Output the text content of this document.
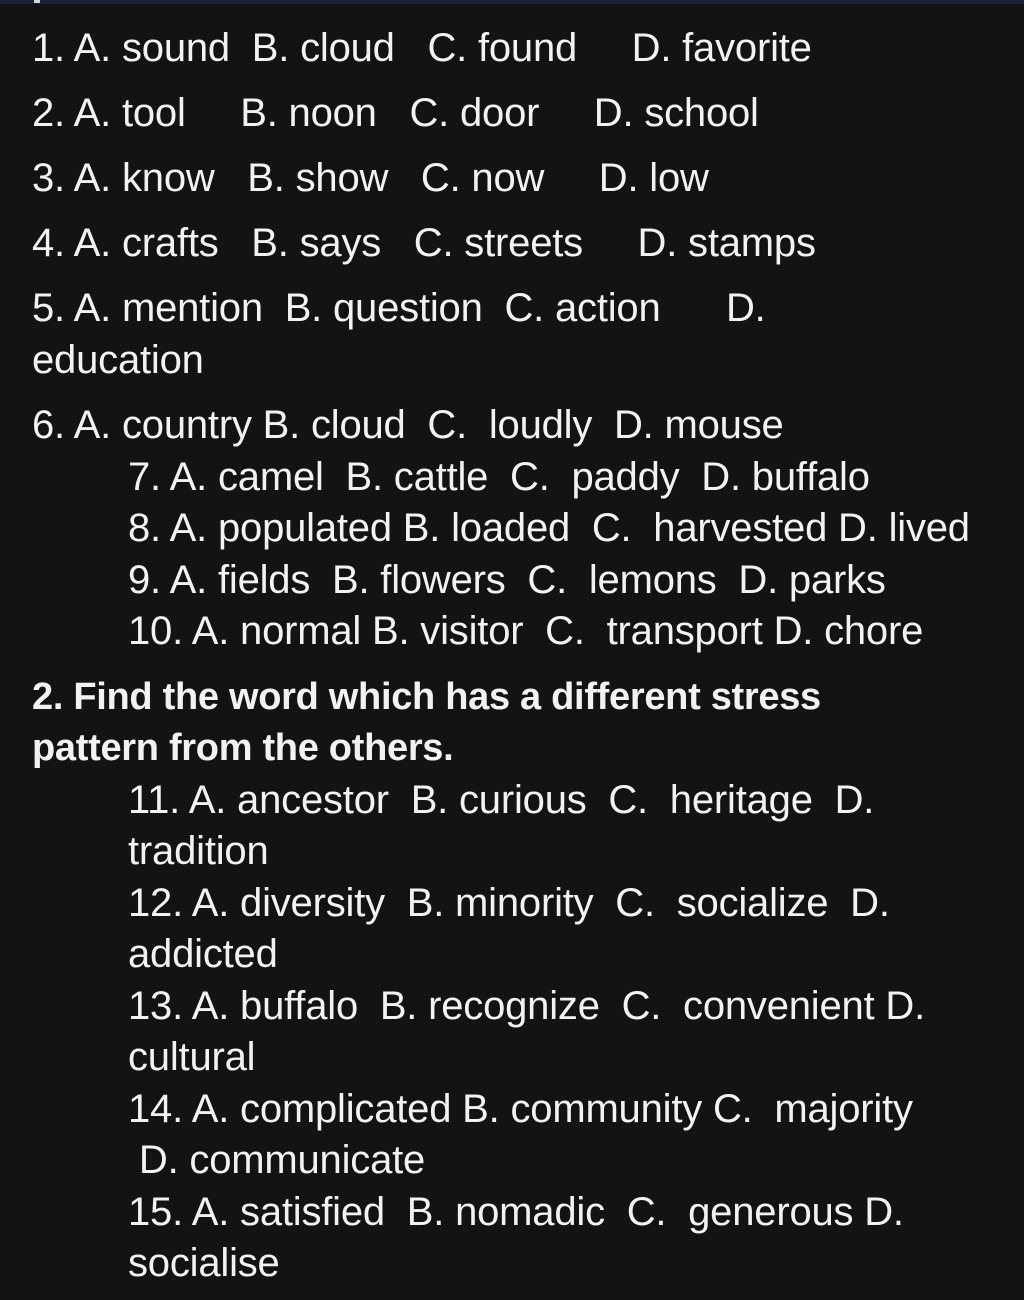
1. A. sound  B. cloud   C. found     D. favorite
2. A. tool     B. noon   C. door     D. school
3. A. know   B. show   C. now     D. low
4. A. crafts   B. says   C. streets     D. stamps
5. A. mention  B. question  C. action      D.
education
6. A. country B. cloud  C.  loudly  D. mouse
7. A. camel  B. cattle  C.  paddy  D. buffalo
8. A. populated B. loaded  C.  harvested D. lived
9. A. fields  B. flowers  C.  lemons  D. parks
10. A. normal B. visitor  C.  transport D. chore
2. Find the word which has a different stress
pattern from the others.
11. A. ancestor  B. curious  C.  heritage  D.
tradition
12. A. diversity  B. minority  C.  socialize  D.
addicted
13. A. buffalo  B. recognize  C.  convenient D.
cultural
14. A. complicated B. community C.  majority
D. communicate
15. A. satisfied  B. nomadic  C.  generous D.
socialise
